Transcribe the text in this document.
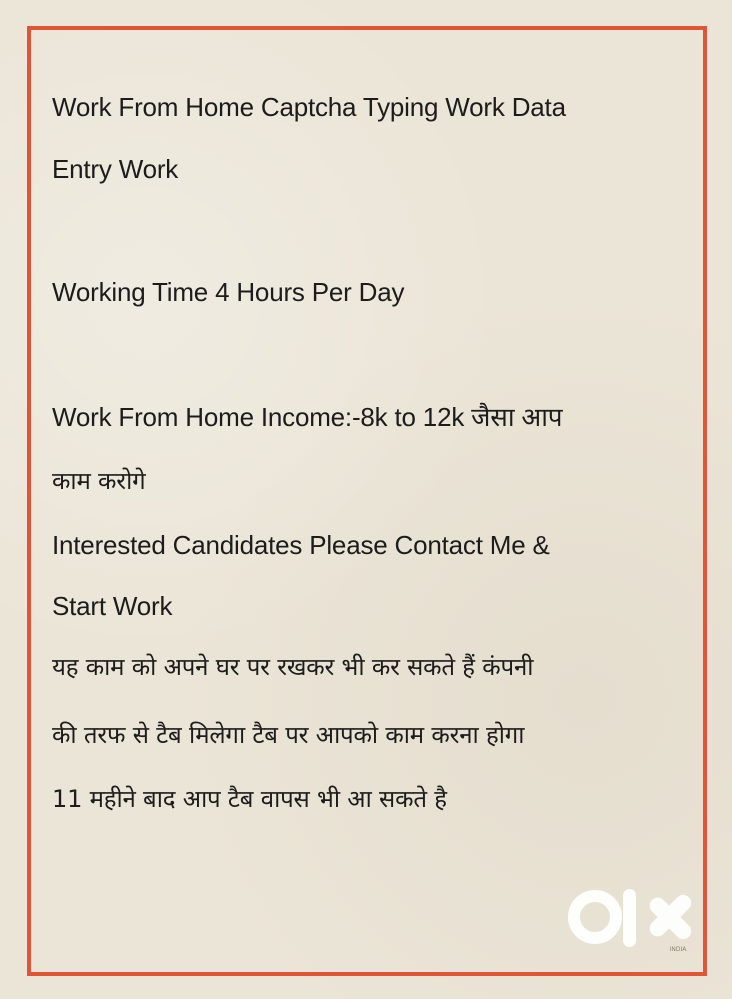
Work From Home Captcha Typing Work Data
Entry Work
Working Time 4 Hours Per Day
Work From Home Income:-8k to 12k जैसा आप
काम करोगे
Interested Candidates Please Contact Me &
Start Work
यह काम को अपने घर पर रखकर भी कर सकते हैं कंपनी
की तरफ से टैब मिलेगा टैब पर आपको काम करना होगा
11 महीने बाद आप टैब वापस भी आ सकते है
INDIA
